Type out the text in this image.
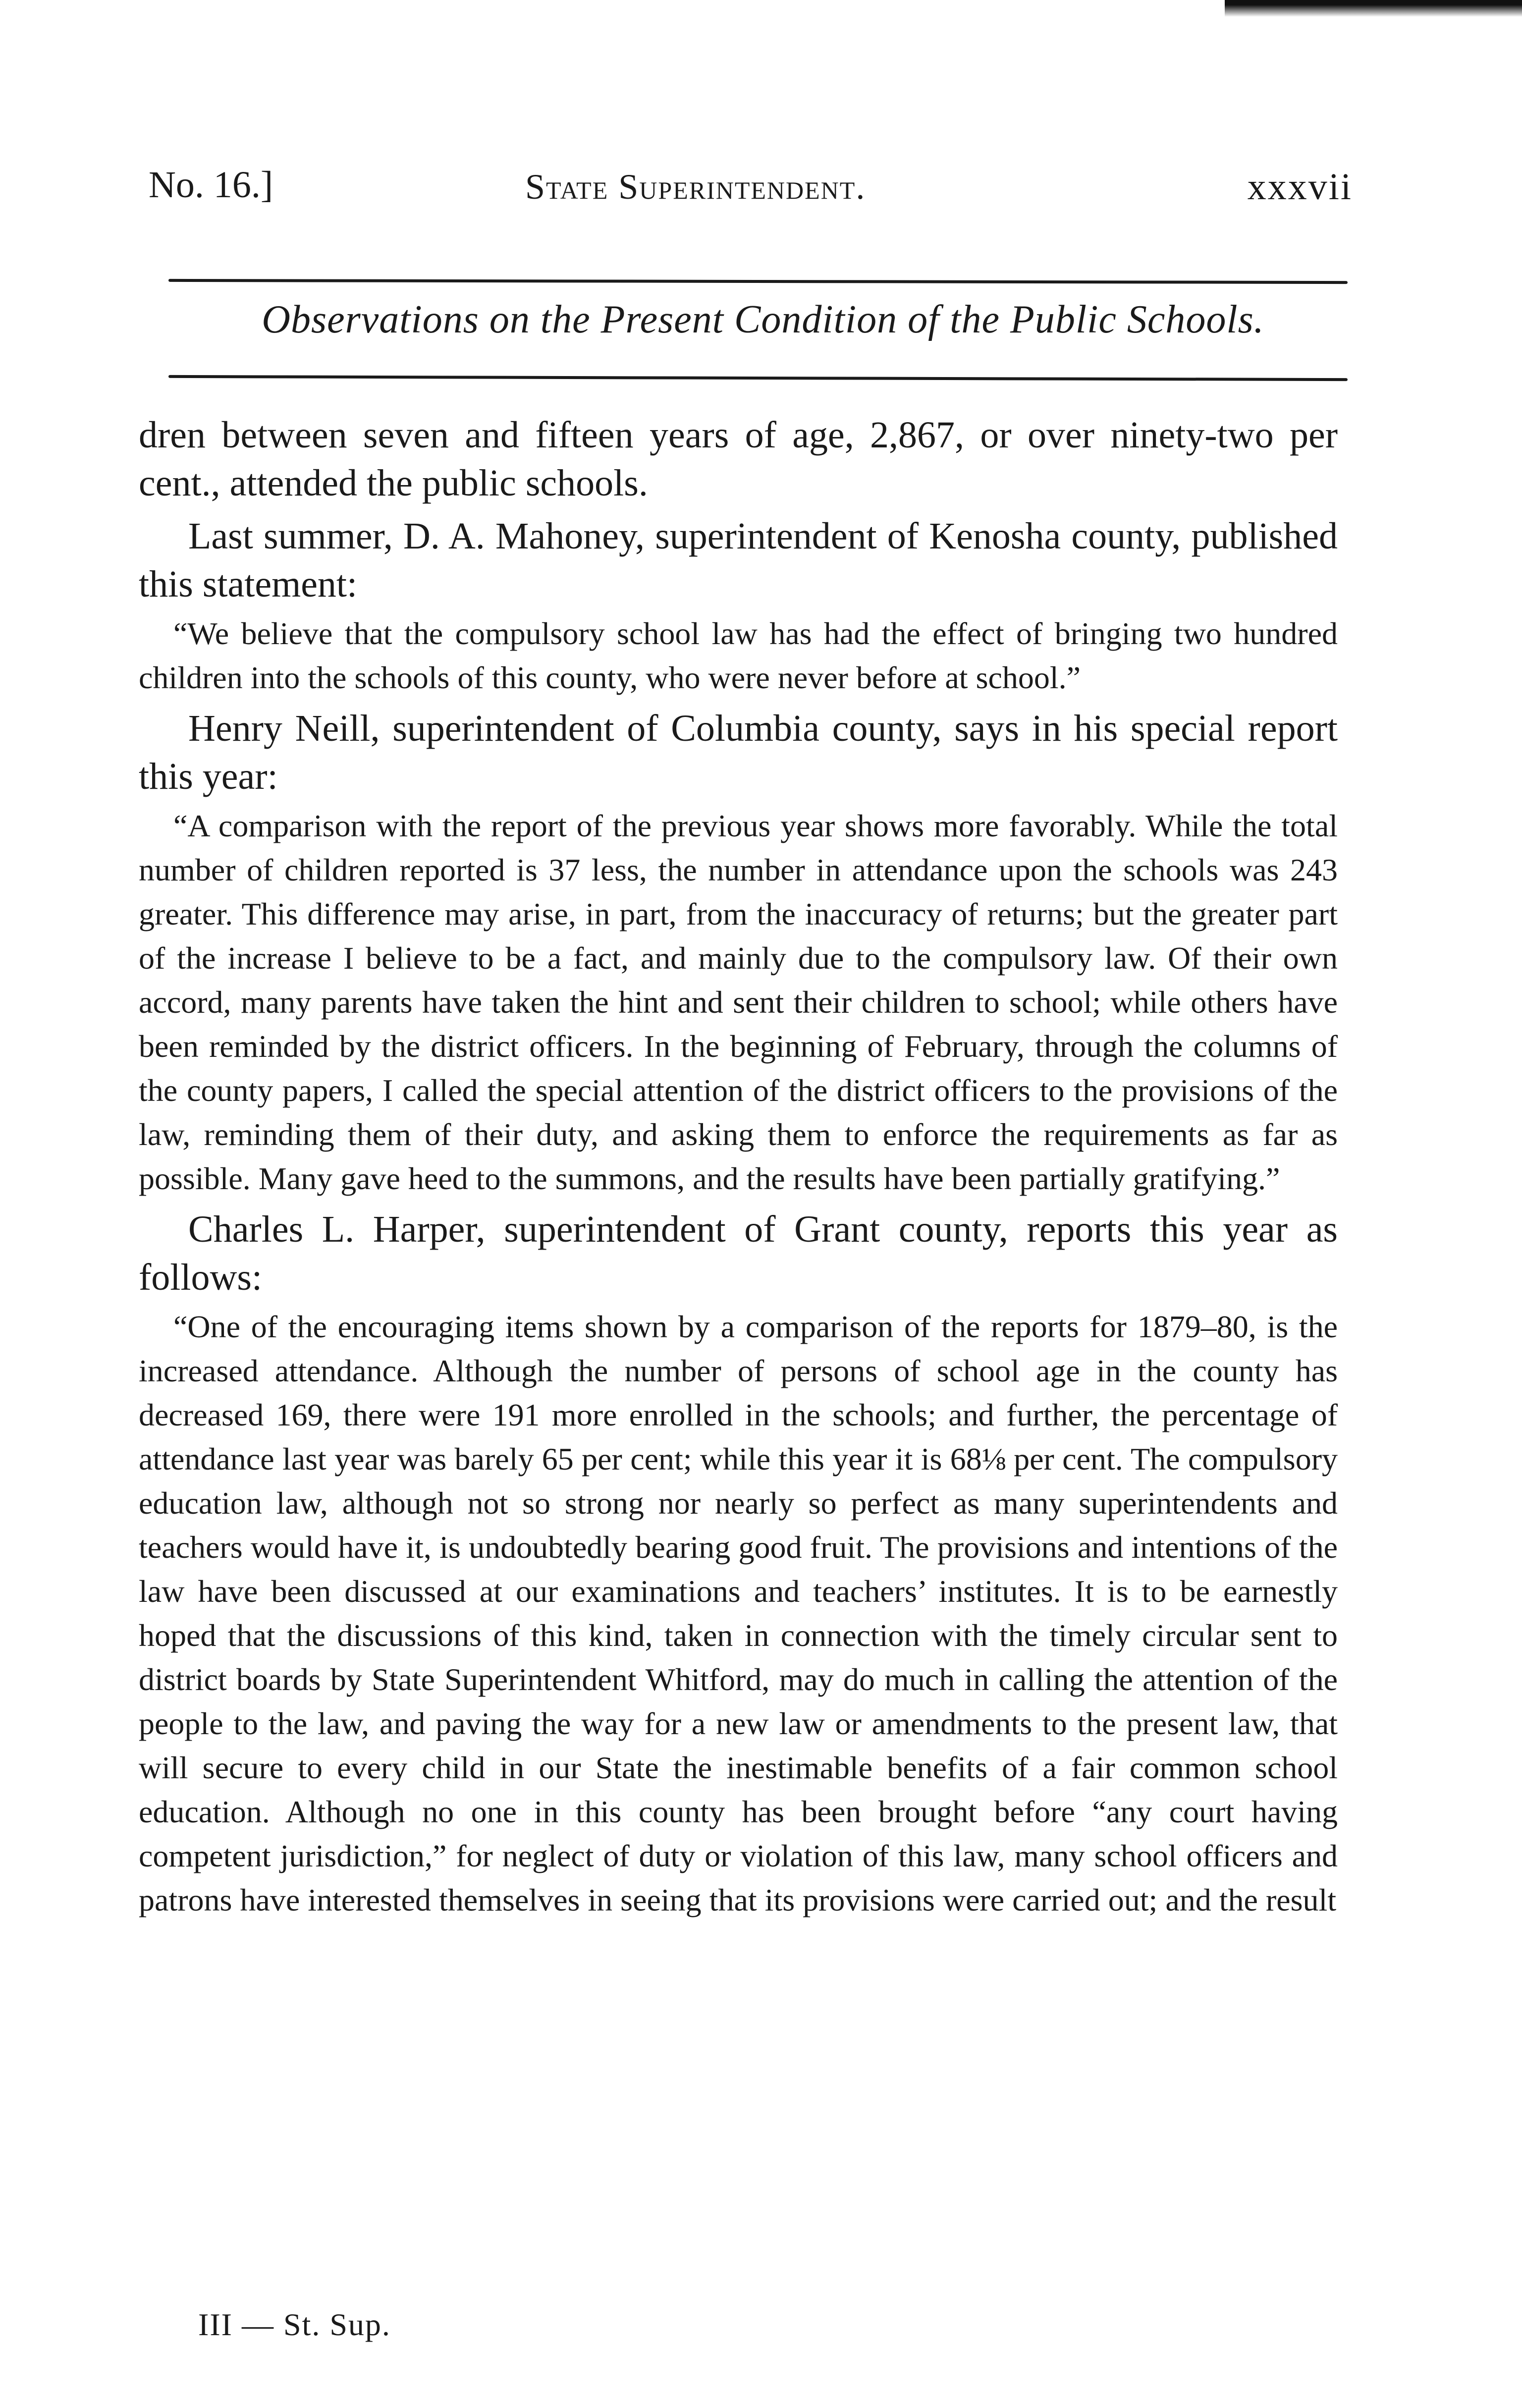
No. 16.]	State Superintendent.	xxxvii
Observations on the Present Condition of the Public Schools.

dren between seven and fifteen years of age, 2,867, or over ninety-two per cent., attended the public schools.

Last summer, D. A. Mahoney, superintendent of Kenosha county, published this statement:

“We believe that the compulsory school law has had the effect of bringing two hundred children into the schools of this county, who were never before at school.”

Henry Neill, superintendent of Columbia county, says in his special report this year:

“A comparison with the report of the previous year shows more favorably. While the total number of children reported is 37 less, the number in attendance upon the schools was 243 greater. This difference may arise, in part, from the inaccuracy of returns; but the greater part of the increase I believe to be a fact, and mainly due to the compulsory law. Of their own accord, many parents have taken the hint and sent their children to school; while others have been reminded by the district officers. In the beginning of February, through the columns of the county papers, I called the special attention of the district officers to the provisions of the law, reminding them of their duty, and asking them to enforce the requirements as far as possible. Many gave heed to the summons, and the results have been partially gratifying.”

Charles L. Harper, superintendent of Grant county, reports this year as follows:

“One of the encouraging items shown by a comparison of the reports for 1879–80, is the increased attendance. Although the number of persons of school age in the county has decreased 169, there were 191 more enrolled in the schools; and further, the percentage of attendance last year was barely 65 per cent; while this year it is 68⅛ per cent. The compulsory education law, although not so strong nor nearly so perfect as many superintendents and teachers would have it, is undoubtedly bearing good fruit. The provisions and intentions of the law have been discussed at our examinations and teachers’ institutes. It is to be earnestly hoped that the discussions of this kind, taken in connection with the timely circular sent to district boards by State Superintendent Whitford, may do much in calling the attention of the people to the law, and paving the way for a new law or amendments to the present law, that will secure to every child in our State the inestimable benefits of a fair common school education. Although no one in this county has been brought before “any court having competent jurisdiction,” for neglect of duty or violation of this law, many school officers and patrons have interested themselves in seeing that its provisions were carried out; and the result

III — St. Sup.
